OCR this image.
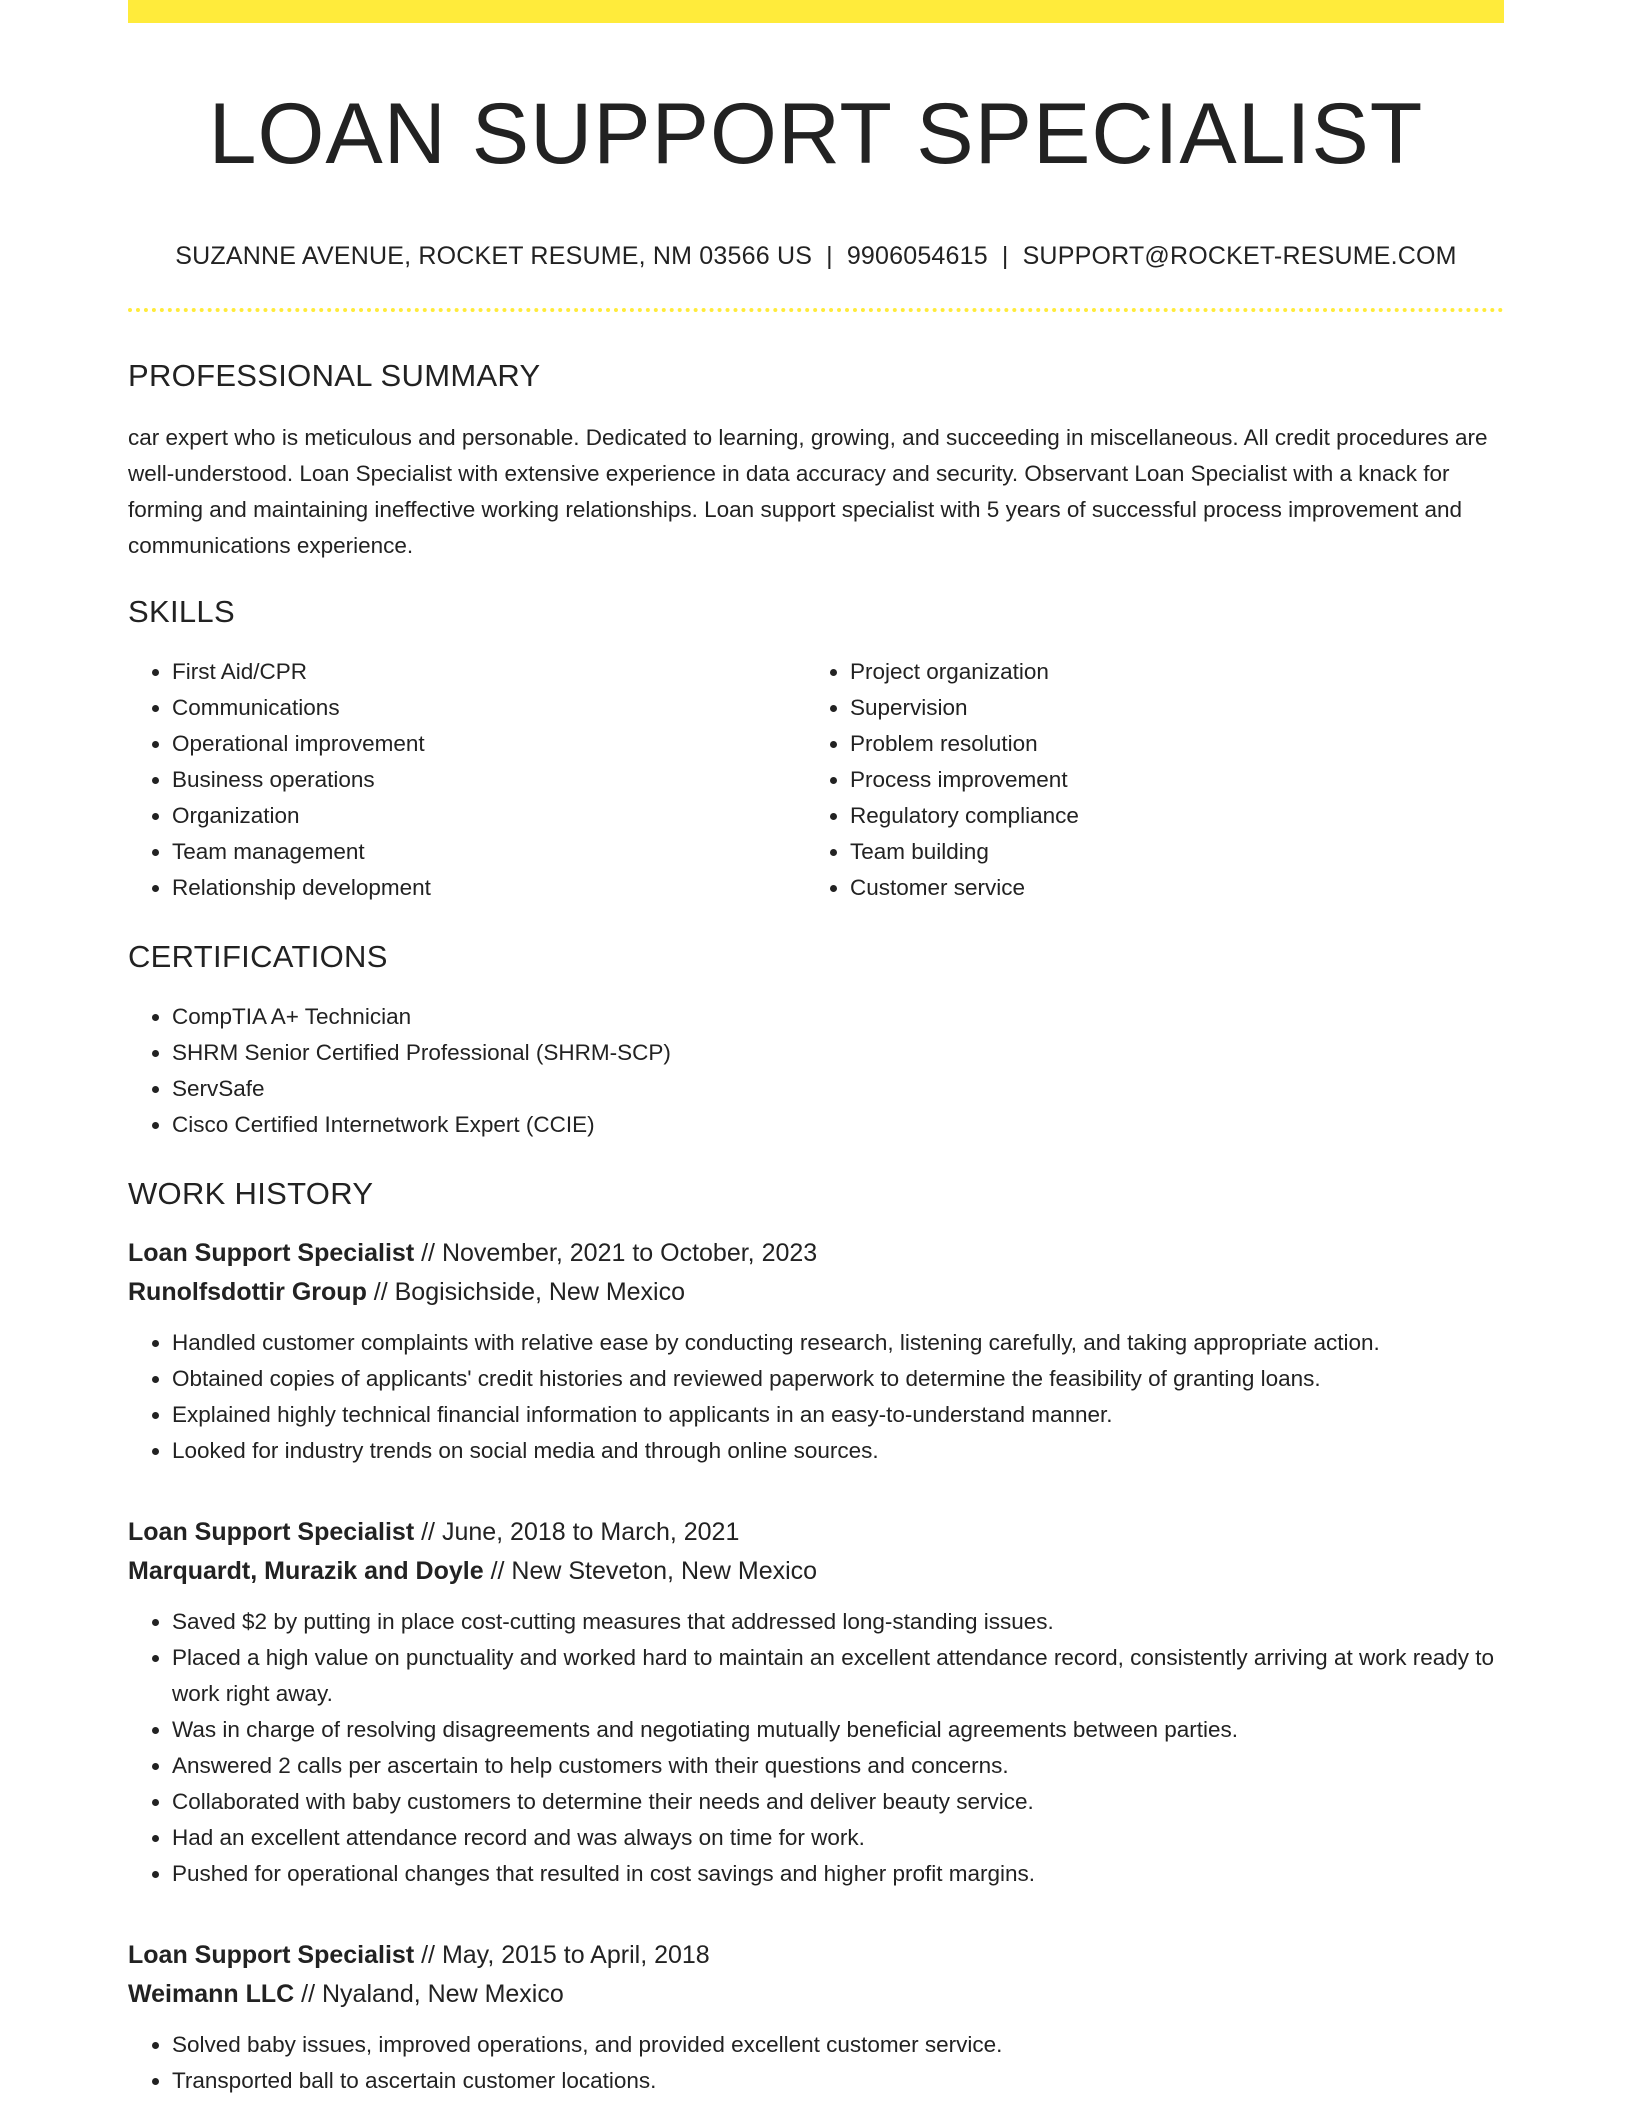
LOAN SUPPORT SPECIALIST
SUZANNE AVENUE, ROCKET RESUME, NM 03566 US | 9906054615 | SUPPORT@ROCKET-RESUME.COM
PROFESSIONAL SUMMARY

car expert who is meticulous and personable. Dedicated to learning, growing, and succeeding in miscellaneous. All credit procedures are well-understood. Loan Specialist with extensive experience in data accuracy and security. Observant Loan Specialist with a knack for forming and maintaining ineffective working relationships. Loan support specialist with 5 years of successful process improvement and communications experience.

SKILLS
• First Aid/CPR
• Communications
• Operational improvement
• Business operations
• Organization
• Team management
• Relationship development
• Project organization
• Supervision
• Problem resolution
• Process improvement
• Regulatory compliance
• Team building
• Customer service
CERTIFICATIONS
• CompTIA A+ Technician
• SHRM Senior Certified Professional (SHRM-SCP)
• ServSafe
• Cisco Certified Internetwork Expert (CCIE)
WORK HISTORY
Loan Support Specialist // November, 2021 to October, 2023
Runolfsdottir Group // Bogisichside, New Mexico
• Handled customer complaints with relative ease by conducting research, listening carefully, and taking appropriate action.
• Obtained copies of applicants' credit histories and reviewed paperwork to determine the feasibility of granting loans.
• Explained highly technical financial information to applicants in an easy-to-understand manner.
• Looked for industry trends on social media and through online sources.
Loan Support Specialist // June, 2018 to March, 2021
Marquardt, Murazik and Doyle // New Steveton, New Mexico
• Saved $2 by putting in place cost-cutting measures that addressed long-standing issues.
• Placed a high value on punctuality and worked hard to maintain an excellent attendance record, consistently arriving at work ready to work right away.
• Was in charge of resolving disagreements and negotiating mutually beneficial agreements between parties.
• Answered 2 calls per ascertain to help customers with their questions and concerns.
• Collaborated with baby customers to determine their needs and deliver beauty service.
• Had an excellent attendance record and was always on time for work.
• Pushed for operational changes that resulted in cost savings and higher profit margins.
Loan Support Specialist // May, 2015 to April, 2018
Weimann LLC // Nyaland, New Mexico
• Solved baby issues, improved operations, and provided excellent customer service.
• Transported ball to ascertain customer locations.
